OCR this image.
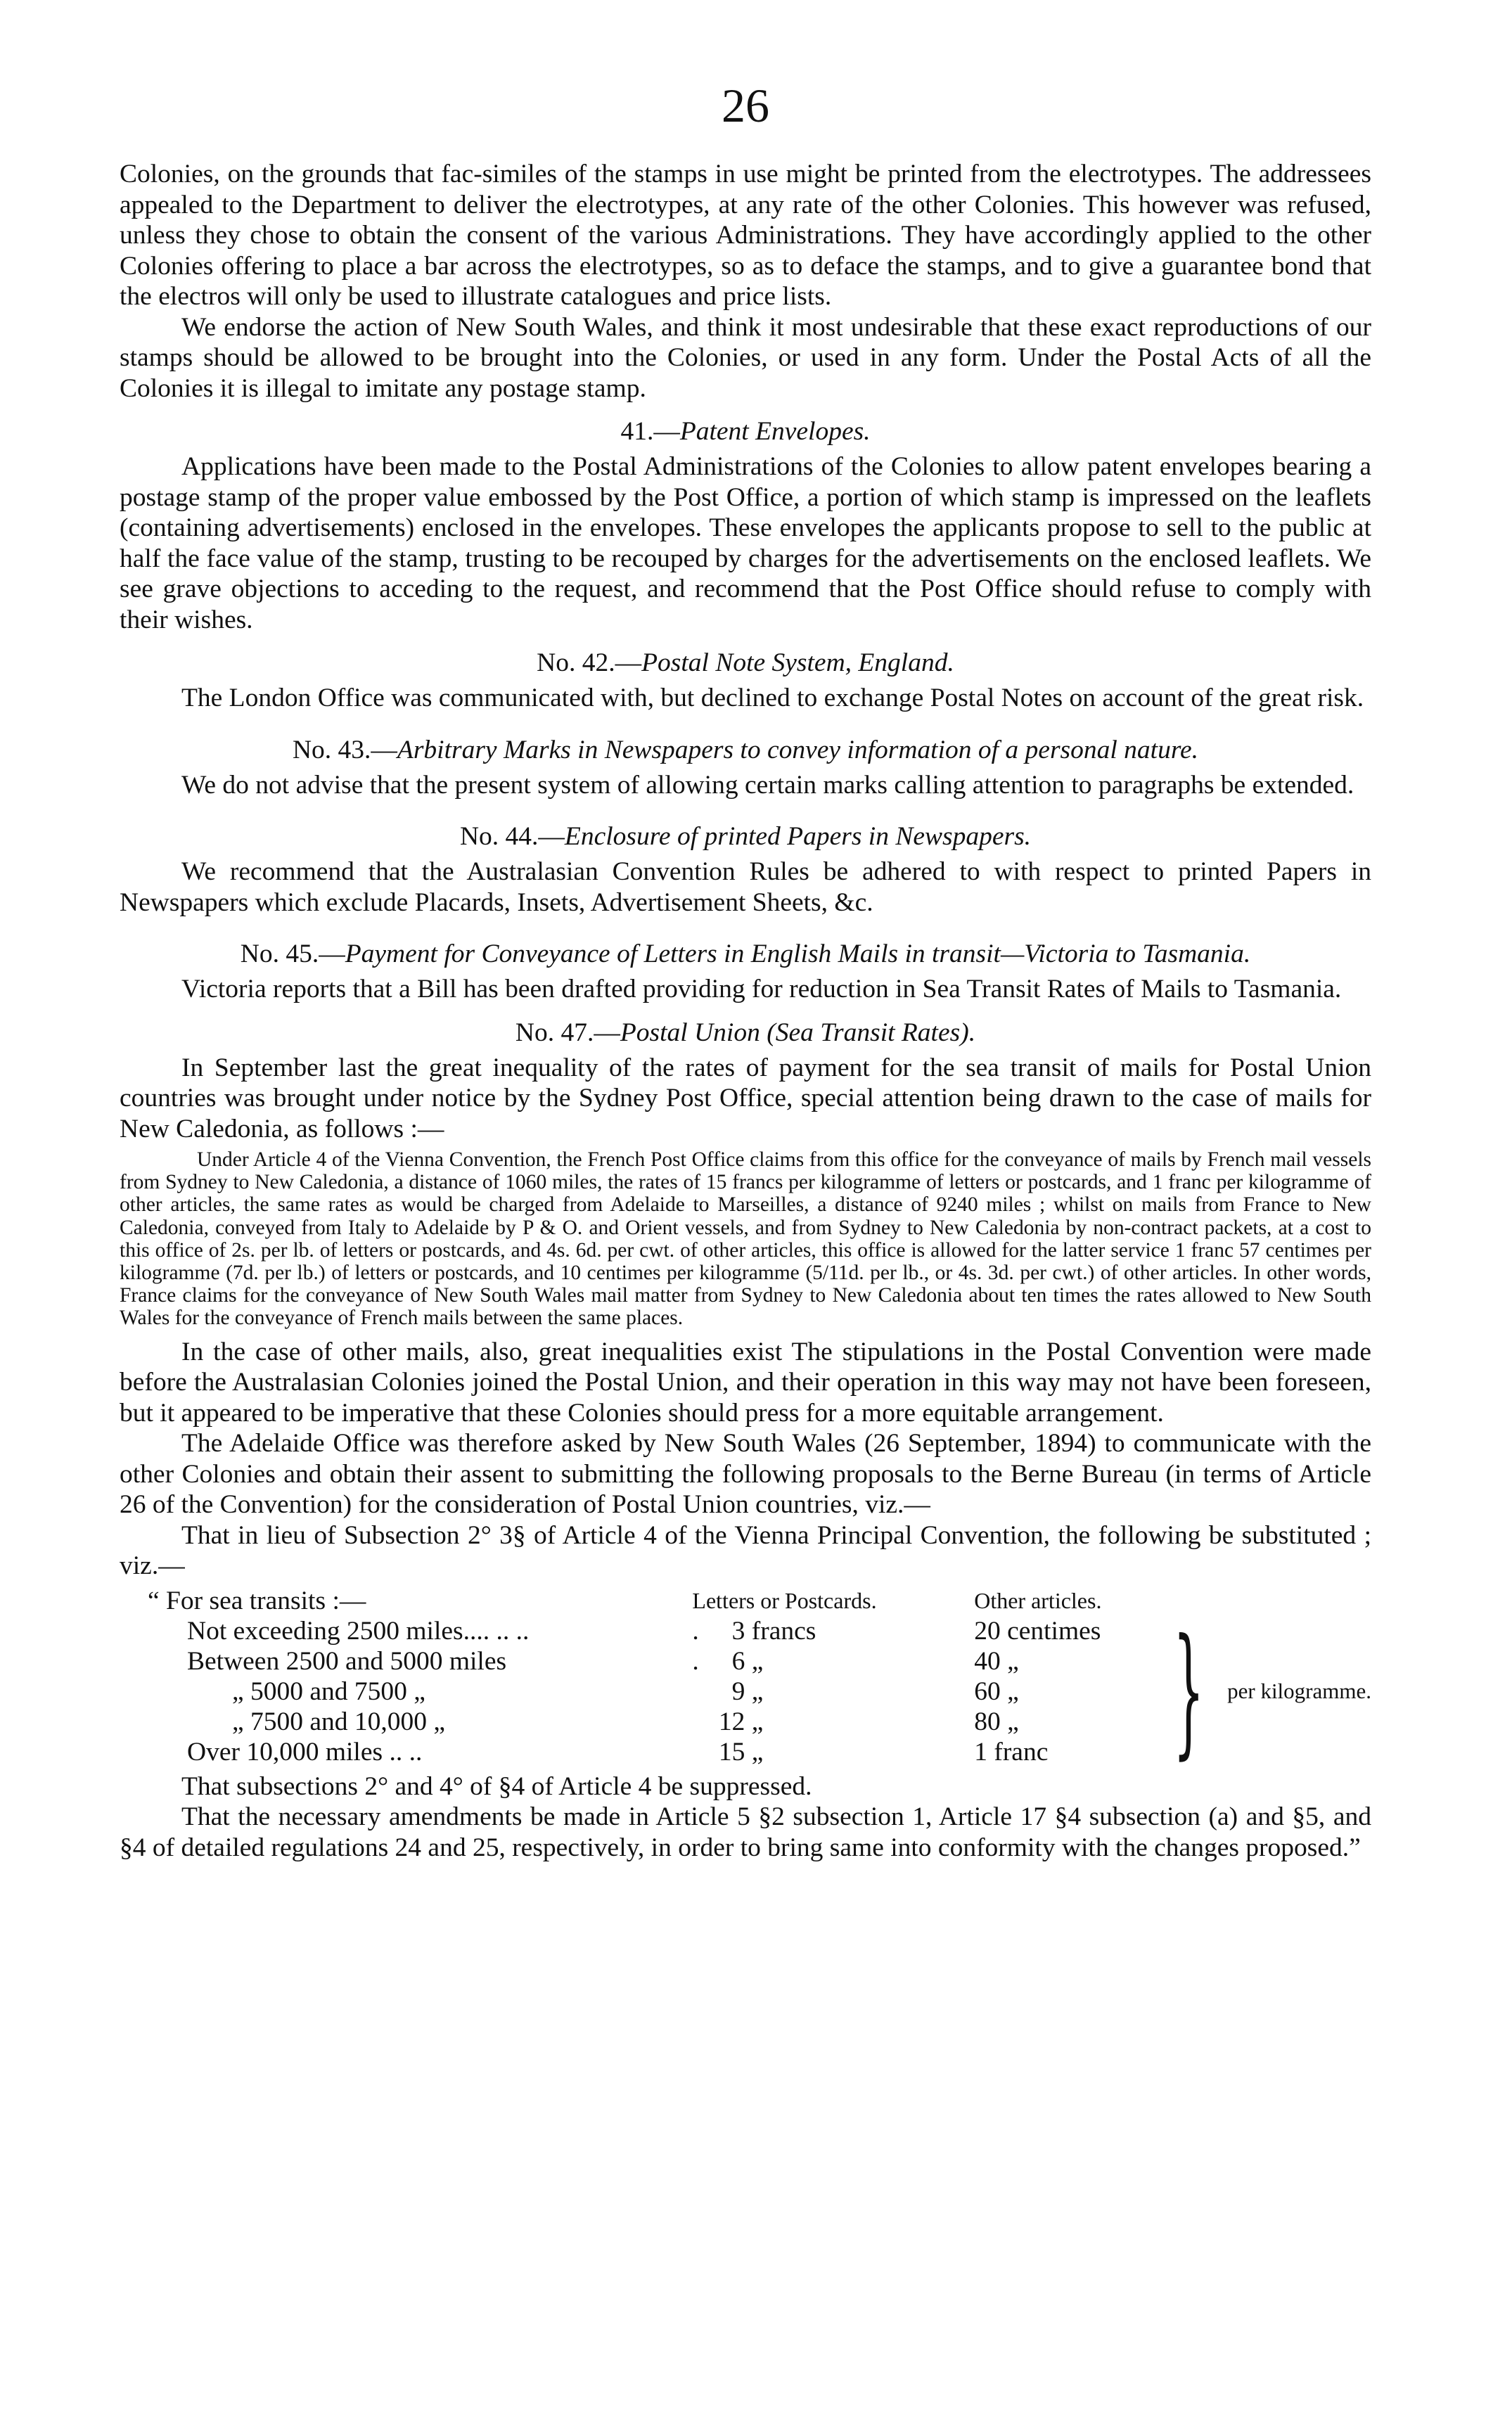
26

Colonies, on the grounds that fac-similes of the stamps in use might be printed from the electrotypes. The addressees appealed to the Department to deliver the electrotypes, at any rate of the other Colonies. This however was refused, unless they chose to obtain the consent of the various Administrations. They have accordingly applied to the other Colonies offering to place a bar across the electrotypes, so as to deface the stamps, and to give a guarantee bond that the electros will only be used to illustrate catalogues and price lists.

We endorse the action of New South Wales, and think it most undesirable that these exact reproductions of our stamps should be allowed to be brought into the Colonies, or used in any form. Under the Postal Acts of all the Colonies it is illegal to imitate any postage stamp.

41.—Patent Envelopes.

Applications have been made to the Postal Administrations of the Colonies to allow patent envelopes bearing a postage stamp of the proper value embossed by the Post Office, a portion of which stamp is impressed on the leaflets (containing advertisements) enclosed in the envelopes. These envelopes the applicants propose to sell to the public at half the face value of the stamp, trusting to be recouped by charges for the advertisements on the enclosed leaflets. We see grave objections to acceding to the request, and recommend that the Post Office should refuse to comply with their wishes.

No. 42.—Postal Note System, England.

The London Office was communicated with, but declined to exchange Postal Notes on account of the great risk.

No. 43.—Arbitrary Marks in Newspapers to convey information of a personal nature.

We do not advise that the present system of allowing certain marks calling attention to paragraphs be extended.

No. 44.—Enclosure of printed Papers in Newspapers.

We recommend that the Australasian Convention Rules be adhered to with respect to printed Papers in Newspapers which exclude Placards, Insets, Advertisement Sheets, &c.

No. 45.—Payment for Conveyance of Letters in English Mails in transit—Victoria to Tasmania.

Victoria reports that a Bill has been drafted providing for reduction in Sea Transit Rates of Mails to Tasmania.

No. 47.—Postal Union (Sea Transit Rates).

In September last the great inequality of the rates of payment for the sea transit of mails for Postal Union countries was brought under notice by the Sydney Post Office, special attention being drawn to the case of mails for New Caledonia, as follows :—

Under Article 4 of the Vienna Convention, the French Post Office claims from this office for the conveyance of mails by French mail vessels from Sydney to New Caledonia, a distance of 1060 miles, the rates of 15 francs per kilogramme of letters or postcards, and 1 franc per kilogramme of other articles, the same rates as would be charged from Adelaide to Marseilles, a distance of 9240 miles ; whilst on mails from France to New Caledonia, conveyed from Italy to Adelaide by P & O. and Orient vessels, and from Sydney to New Caledonia by non-contract packets, at a cost to this office of 2s. per lb. of letters or postcards, and 4s. 6d. per cwt. of other articles, this office is allowed for the latter service 1 franc 57 centimes per kilogramme (7d. per lb.) of letters or postcards, and 10 centimes per kilogramme (5/11d. per lb., or 4s. 3d. per cwt.) of other articles. In other words, France claims for the conveyance of New South Wales mail matter from Sydney to New Caledonia about ten times the rates allowed to New South Wales for the conveyance of French mails between the same places.

In the case of other mails, also, great inequalities exist The stipulations in the Postal Convention were made before the Australasian Colonies joined the Postal Union, and their operation in this way may not have been foreseen, but it appeared to be imperative that these Colonies should press for a more equitable arrangement.

The Adelaide Office was therefore asked by New South Wales (26 September, 1894) to communicate with the other Colonies and obtain their assent to submitting the following proposals to the Berne Bureau (in terms of Article 26 of the Convention) for the consideration of Postal Union countries, viz.—

That in lieu of Subsection 2° 3§ of Article 4 of the Vienna Principal Convention, the following be substituted ; viz.—

“ For sea transits :—	Letters or Postcards.	Other articles.	
Not exceeding 2500 miles.... .. ..	. 3 francs	20 centimes	} per kilogramme.

Between 2500 and 5000 miles	. 6 „	40 „	
„ 5000 and 7500 „	9 „	60 „	
„ 7500 and 10,000 „	12 „	80 „	
Over 10,000 miles .. ..	15 „	1 franc	

That subsections 2° and 4° of §4 of Article 4 be suppressed.

That the necessary amendments be made in Article 5 §2 subsection 1, Article 17 §4 subsection (a) and §5, and §4 of detailed regulations 24 and 25, respectively, in order to bring same into conformity with the changes proposed.”
